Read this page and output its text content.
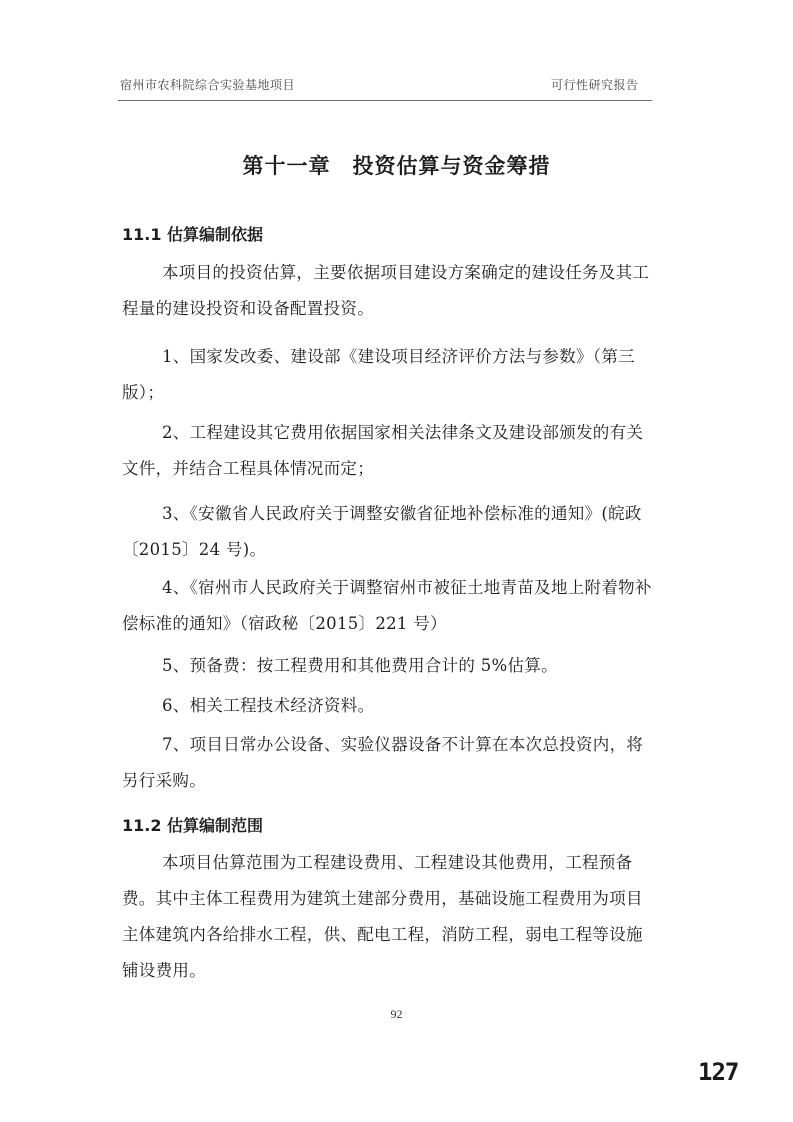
宿州市农科院综合实验基地项目	可行性研究报告
第十一章　投资估算与资金筹措
11.1 估算编制依据
本项目的投资估算，主要依据项目建设方案确定的建设任务及其工程量的建设投资和设备配置投资。
1、国家发改委、建设部《建设项目经济评价方法与参数》（第三版）；
2、工程建设其它费用依据国家相关法律条文及建设部颁发的有关文件，并结合工程具体情况而定；
3、《安徽省人民政府关于调整安徽省征地补偿标准的通知》(皖政〔2015〕24 号)。
4、《宿州市人民政府关于调整宿州市被征土地青苗及地上附着物补偿标准的通知》（宿政秘〔2015〕221 号）
5、预备费：按工程费用和其他费用合计的 5%估算。
6、相关工程技术经济资料。
7、项目日常办公设备、实验仪器设备不计算在本次总投资内，将另行采购。
11.2 估算编制范围
本项目估算范围为工程建设费用、工程建设其他费用，工程预备费。其中主体工程费用为建筑土建部分费用，基础设施工程费用为项目主体建筑内各给排水工程，供、配电工程，消防工程，弱电工程等设施铺设费用。
92
127
